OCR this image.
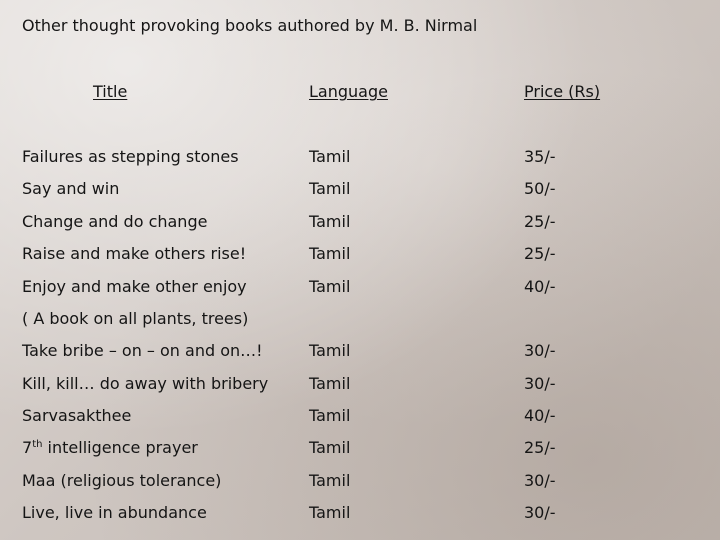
Other thought provoking books authored by M. B. Nirmal
Title	Language	Price (Rs)
Failures as stepping stones	Tamil	35/-
Say and win	Tamil	50/-
Change and do change	Tamil	25/-
Raise and make others rise!	Tamil	25/-
Enjoy and make other enjoy	Tamil	40/-
( A book on all plants, trees)
Take bribe – on – on and on…!	Tamil	30/-
Kill, kill… do away with bribery	Tamil	30/-
Sarvasakthee	Tamil	40/-
7th intelligence prayer	Tamil	25/-
Maa (religious tolerance)	Tamil	30/-
Live, live in abundance	Tamil	30/-
